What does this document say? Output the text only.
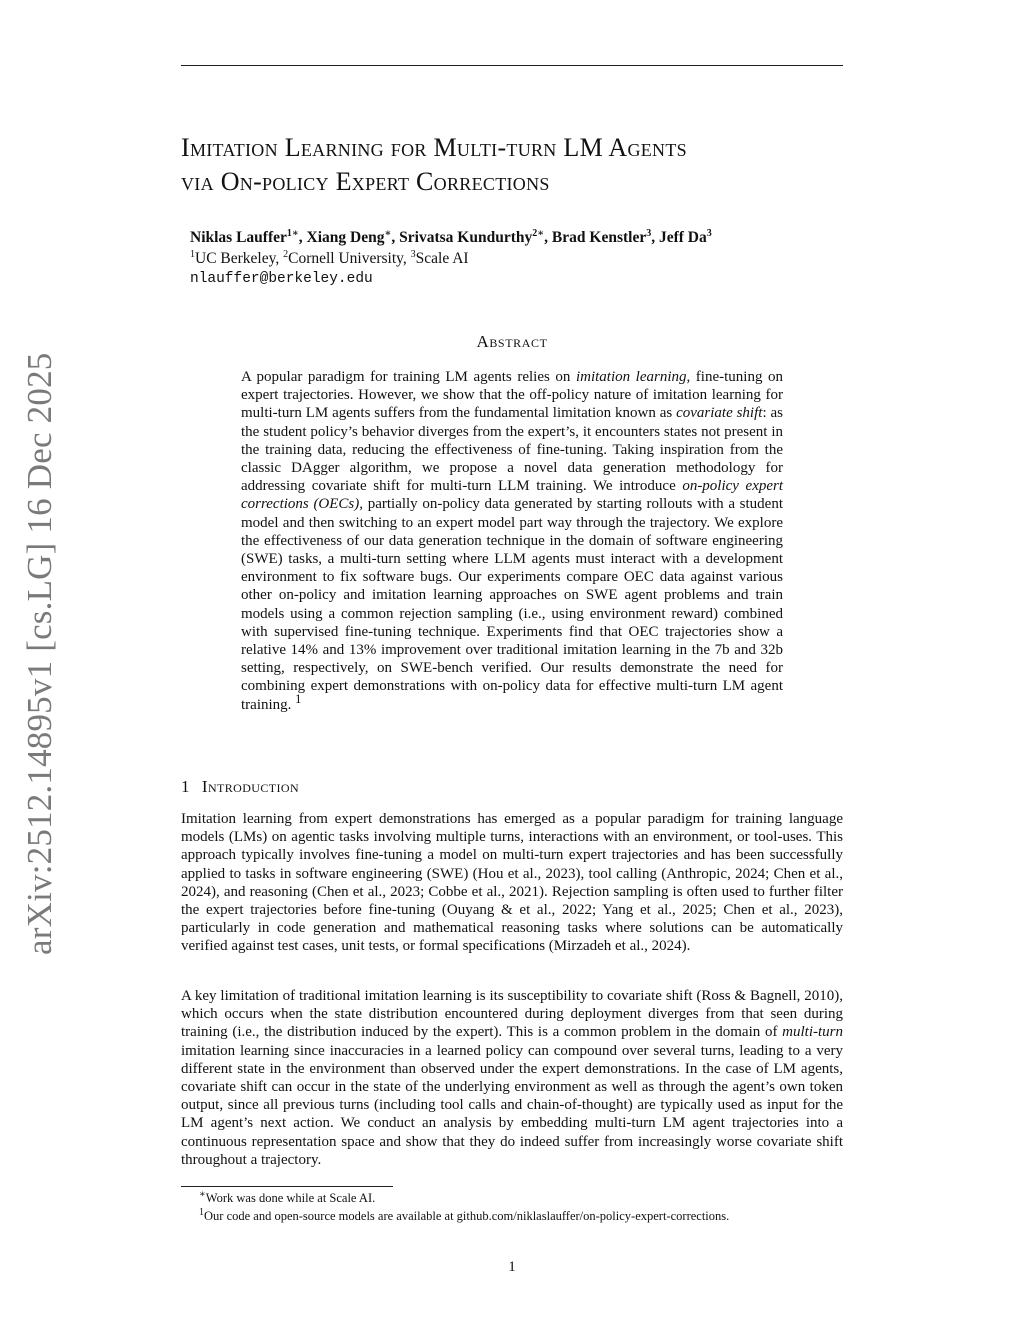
arXiv:2512.14895v1 [cs.LG] 16 Dec 2025
Imitation Learning for Multi-turn LM Agents
via On-policy Expert Corrections
Niklas Lauffer$^{1∗}$, Xiang Deng∗, Srivatsa Kundurthy$^{2∗}$, Brad Kenstler$^3$, Jeff Da$^3$
$^1$UC Berkeley, $^2$Cornell University, $^3$Scale AI
nlauffer@berkeley.edu
Abstract

A popular paradigm for training LM agents relies on imitation learning, fine-tuning on expert trajectories. However, we show that the off-policy nature of imitation learning for multi-turn LM agents suffers from the fundamental limitation known as covariate shift: as the student policy’s behavior diverges from the expert’s, it encounters states not present in the training data, reducing the effectiveness of fine-tuning. Taking inspiration from the classic DAgger algorithm, we propose a novel data generation methodology for addressing covariate shift for multi-turn LLM training. We introduce on-policy expert corrections (OECs), partially on-policy data generated by starting rollouts with a student model and then switching to an expert model part way through the trajectory. We explore the effectiveness of our data generation technique in the domain of software engineering (SWE) tasks, a multi-turn setting where LLM agents must interact with a development environment to fix software bugs. Our experiments compare OEC data against various other on-policy and imitation learning approaches on SWE agent problems and train models using a common rejection sampling (i.e., using environment reward) combined with supervised fine-tuning technique. Experiments find that OEC trajectories show a relative 14% and 13% improvement over traditional imitation learning in the 7b and 32b setting, respectively, on SWE-bench verified. Our results demonstrate the need for combining expert demonstrations with on-policy data for effective multi-turn LM agent training. $^1$

1 Introduction

Imitation learning from expert demonstrations has emerged as a popular paradigm for training language models (LMs) on agentic tasks involving multiple turns, interactions with an environment, or tool-uses. This approach typically involves fine-tuning a model on multi-turn expert trajectories and has been successfully applied to tasks in software engineering (SWE) (Hou et al., 2023), tool calling (Anthropic, 2024; Chen et al., 2024), and reasoning (Chen et al., 2023; Cobbe et al., 2021). Rejection sampling is often used to further filter the expert trajectories before fine-tuning (Ouyang & et al., 2022; Yang et al., 2025; Chen et al., 2023), particularly in code generation and mathematical reasoning tasks where solutions can be automatically verified against test cases, unit tests, or formal specifications (Mirzadeh et al., 2024).

A key limitation of traditional imitation learning is its susceptibility to covariate shift (Ross & Bagnell, 2010), which occurs when the state distribution encountered during deployment diverges from that seen during training (i.e., the distribution induced by the expert). This is a common problem in the domain of multi-turn imitation learning since inaccuracies in a learned policy can compound over several turns, leading to a very different state in the environment than observed under the expert demonstrations. In the case of LM agents, covariate shift can occur in the state of the underlying environment as well as through the agent’s own token output, since all previous turns (including tool calls and chain-of-thought) are typically used as input for the LM agent’s next action. We conduct an analysis by embedding multi-turn LM agent trajectories into a continuous representation space and show that they do indeed suffer from increasingly worse covariate shift throughout a trajectory.

∗Work was done while at Scale AI.
$^1$Our code and open-source models are available at github.com/niklaslauffer/on-policy-expert-corrections.
1
